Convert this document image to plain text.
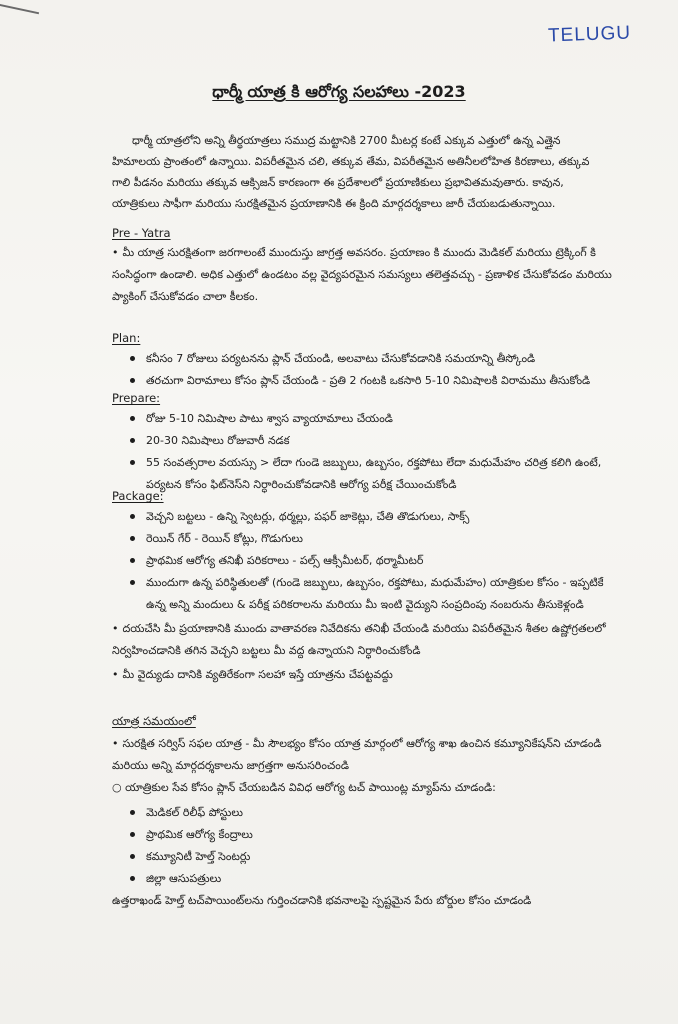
TELUGU
ధార్మీ యాత్ర కి ఆరోగ్య సలహాలు -2023

ధార్మీ యాత్రలోని అన్ని తీర్థయాత్రలు సముద్ర మట్టానికి 2700 మీటర్ల కంటే ఎక్కువ ఎత్తులో ఉన్న ఎత్తైన హిమాలయ ప్రాంతంలో ఉన్నాయి. విపరీతమైన చలి, తక్కువ తేమ, విపరీతమైన అతినీలలోహిత కిరణాలు, తక్కువ గాలి పీడనం మరియు తక్కువ ఆక్సిజన్ కారణంగా ఈ ప్రదేశాలలో ప్రయాణికులు ప్రభావితమవుతారు. కావున, యాత్రికులు సాఫీగా మరియు సురక్షితమైన ప్రయాణానికి ఈ క్రింది మార్గదర్శకాలు జారీ చేయబడుతున్నాయి.

Pre - Yatra

• మీ యాత్ర సురక్షితంగా జరగాలంటే ముందుస్తు జాగ్రత్త అవసరం. ప్రయాణం కి ముందు మెడికల్ మరియు ట్రెక్కింగ్ కి సంసిద్ధంగా ఉండాలి. అధిక ఎత్తులో ఉండటం వల్ల వైద్యపరమైన సమస్యలు తలెత్తవచ్చు - ప్రణాళిక చేసుకోవడం మరియు ప్యాకింగ్ చేసుకోవడం చాలా కీలకం.

Plan:
కనీసం 7 రోజులు పర్యటనను ప్లాన్ చేయండి, అలవాటు చేసుకోవడానికి సమయాన్ని తీస్కోండి
తరచుగా విరామాలు కోసం ప్లాన్ చేయండి - ప్రతి 2 గంటకి ఒకసారి 5-10 నిమిషాలకి విరామము తీసుకోండి
Prepare:
రోజు 5-10 నిమిషాల పాటు శ్వాస వ్యాయామాలు చేయండి
20-30 నిమిషాలు రోజువారీ నడక
55 సంవత్సరాల వయస్సు > లేదా గుండె జబ్బులు, ఉబ్బసం, రక్తపోటు లేదా మధుమేహం చరిత్ర కలిగి ఉంటే, పర్యటన కోసం ఫిట్‌నెస్‌ని నిర్ధారించుకోవడానికి ఆరోగ్య పరీక్ష చేయించుకోండి
Package:
వెచ్చని బట్టలు - ఉన్ని స్వెటర్లు, థర్మల్లు, పఫర్ జాకెట్లు, చేతి తొడుగులు, సాక్స్
రెయిన్ గేర్ - రెయిన్ కోట్లు, గొడుగులు
ప్రాథమిక ఆరోగ్య తనిఖీ పరికరాలు - పల్స్ ఆక్సీమీటర్, థర్మామీటర్
ముందుగా ఉన్న పరిస్థితులతో (గుండె జబ్బులు, ఉబ్బసం, రక్తపోటు, మధుమేహం) యాత్రికుల కోసం - ఇప్పటికే ఉన్న అన్ని మందులు & పరీక్ష పరికరాలను మరియు మీ ఇంటి వైద్యుని సంప్రదింపు నంబరును తీసుకెళ్లండి

• దయచేసి మీ ప్రయాణానికి ముందు వాతావరణ నివేదికను తనిఖీ చేయండి మరియు విపరీతమైన శీతల ఉష్ణోగ్రతలలో నిర్వహించడానికి తగిన వెచ్చని బట్టలు మీ వద్ద ఉన్నాయని నిర్ధారించుకోండి

• మీ వైద్యుడు దానికి వ్యతిరేకంగా సలహా ఇస్తే యాత్రను చేపట్టవద్దు

యాత్ర సమయంలో

• సురక్షిత సర్విస్ సఫల యాత్ర - మీ సౌలభ్యం కోసం యాత్ర మార్గంలో ఆరోగ్య శాఖ ఉంచిన కమ్యూనికేషన్‌ని చూడండి మరియు అన్ని మార్గదర్శకాలను జాగ్రత్తగా అనుసరించండి

○ యాత్రికుల సేవ కోసం ప్లాన్ చేయబడిన వివిధ ఆరోగ్య టచ్ పాయింట్ల మ్యాప్‌ను చూడండి:

మెడికల్ రిలీఫ్ పోస్టులు
ప్రాథమిక ఆరోగ్య కేంద్రాలు
కమ్యూనిటీ హెల్త్ సెంటర్లు
జిల్లా ఆసుపత్రులు

ఉత్తరాఖండ్ హెల్త్ టచ్‌పాయింట్‌లను గుర్తించడానికి భవనాలపై స్పష్టమైన పేరు బోర్డుల కోసం చూడండి
